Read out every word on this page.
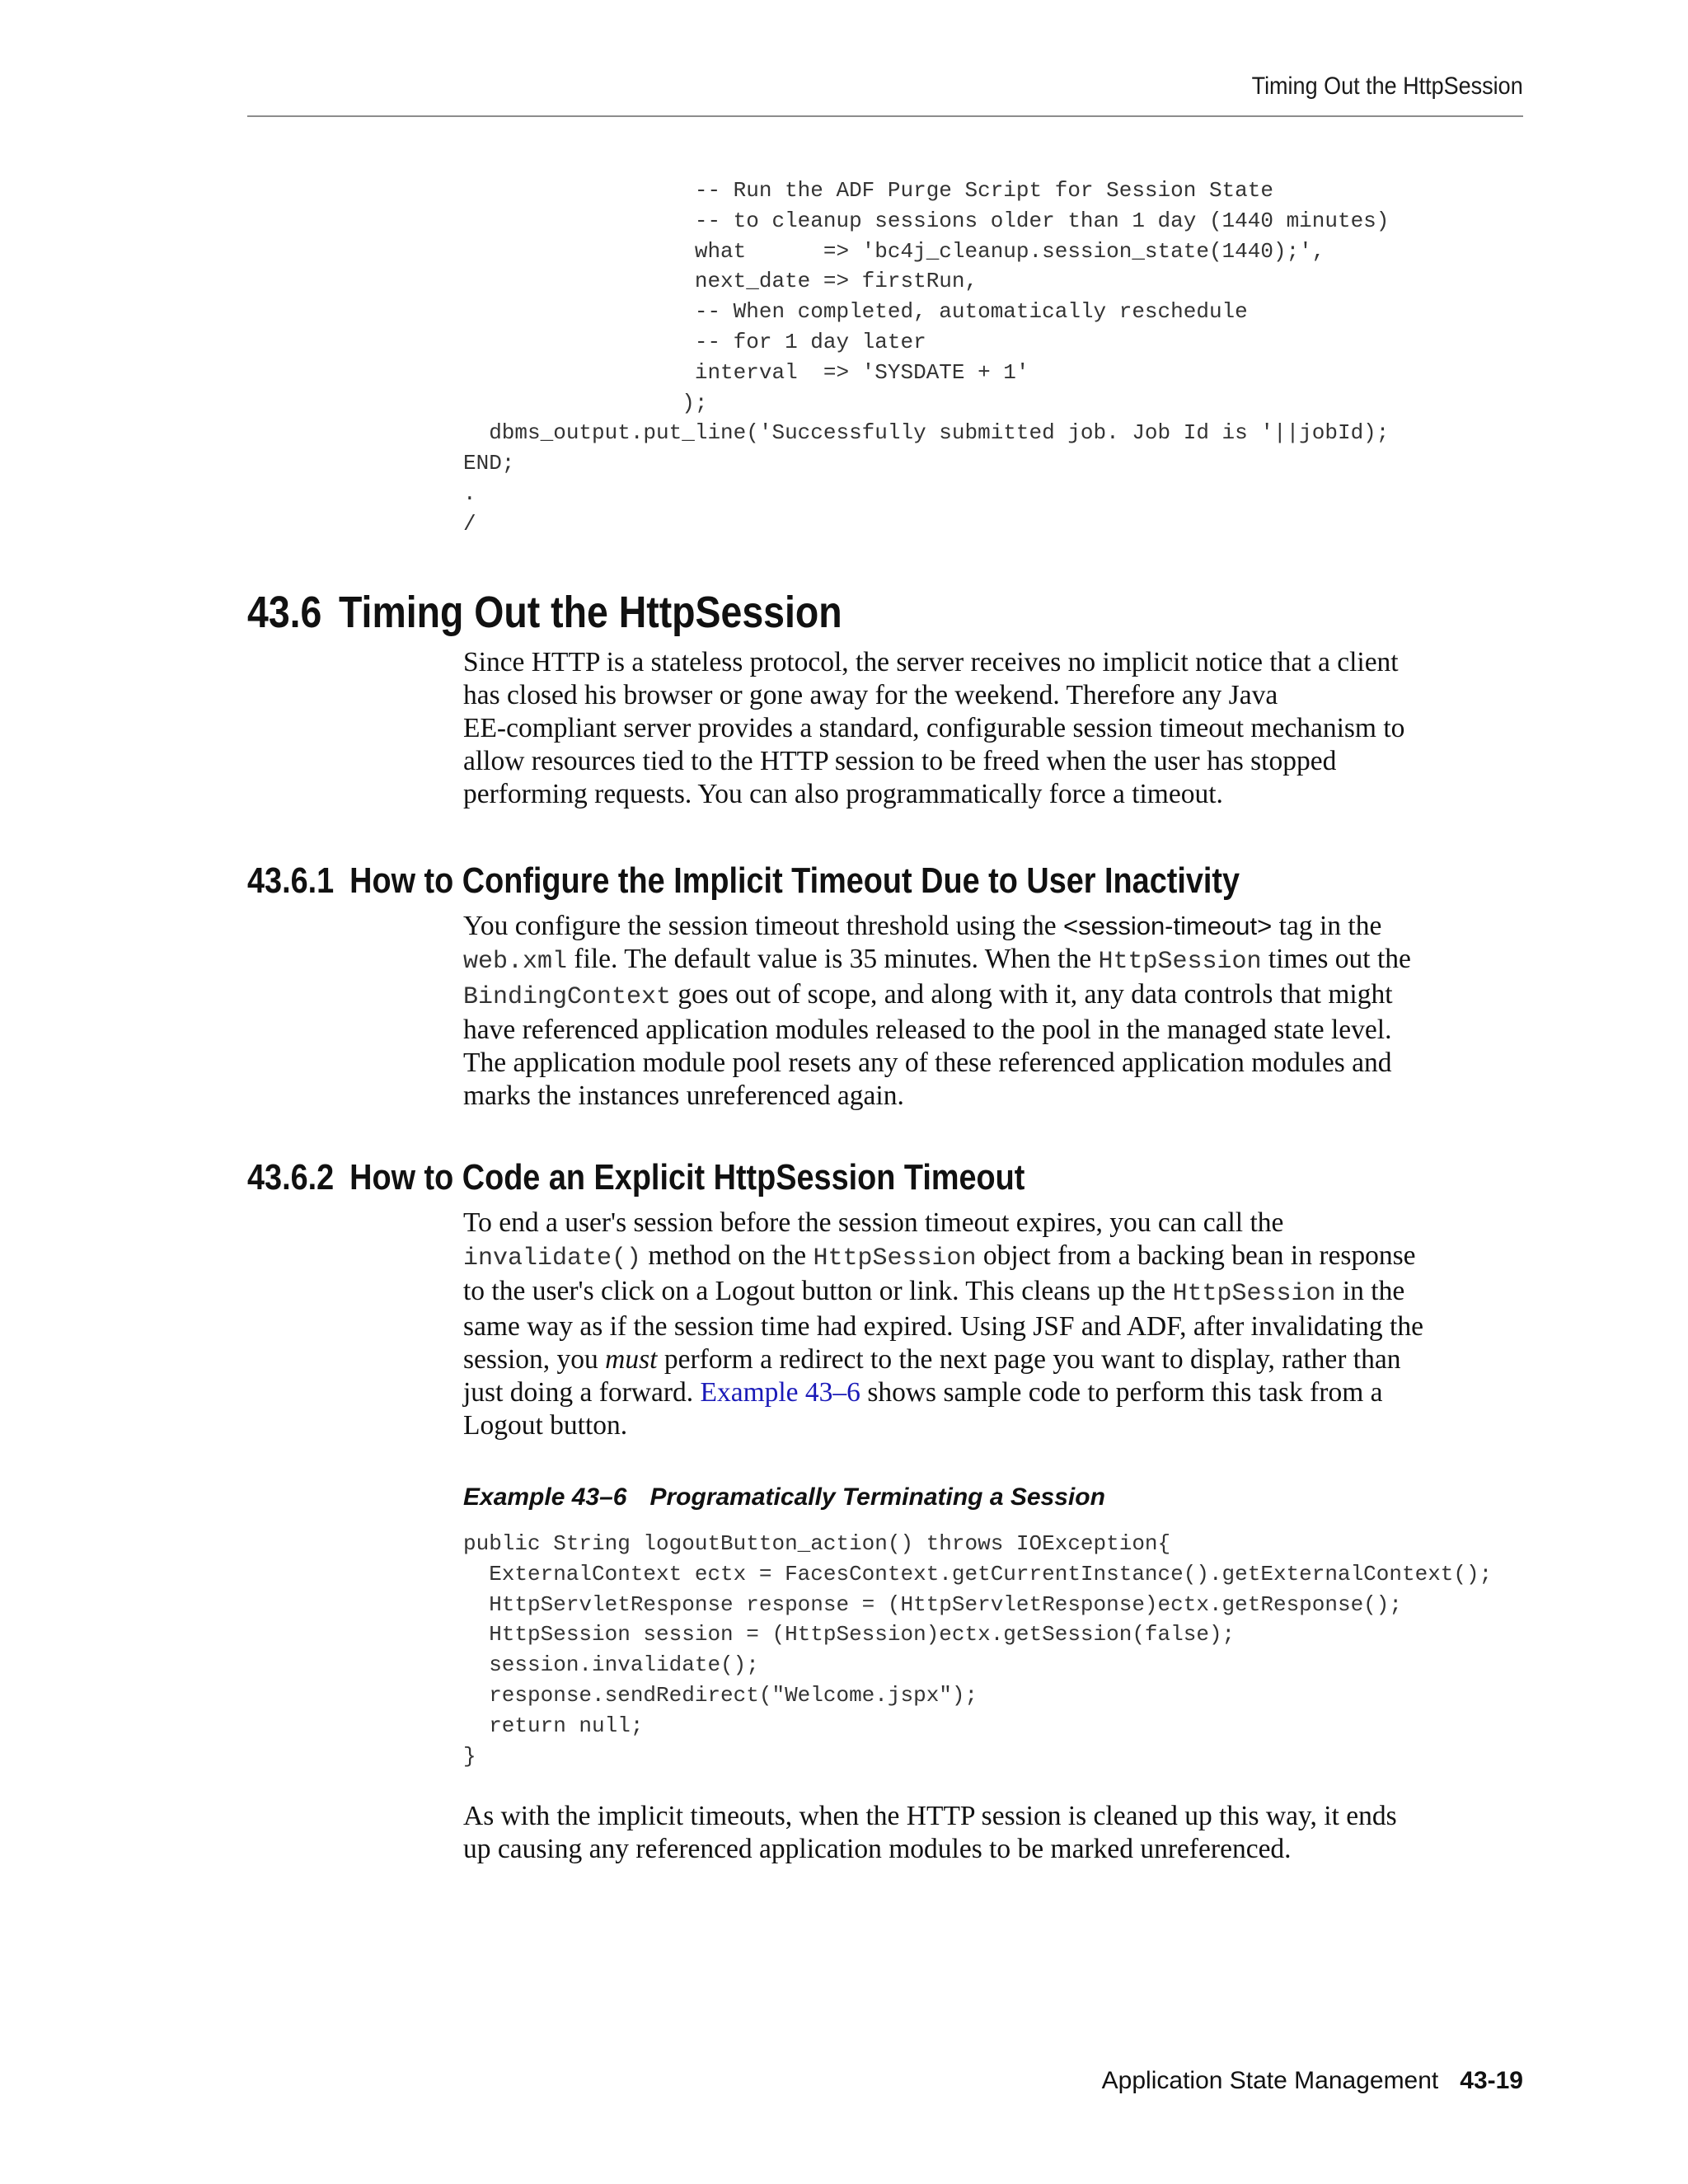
Timing Out the HttpSession
-- Run the ADF Purge Script for Session State
-- to cleanup sessions older than 1 day (1440 minutes)
what      => 'bc4j_cleanup.session_state(1440);',
next_date => firstRun,
-- When completed, automatically reschedule
-- for 1 day later
interval  => 'SYSDATE + 1'
);
dbms_output.put_line('Successfully submitted job. Job Id is '||jobId);
END;
.
/
43.6 Timing Out the HttpSession
Since HTTP is a stateless protocol, the server receives no implicit notice that a client
has closed his browser or gone away for the weekend. Therefore any Java
EE-compliant server provides a standard, configurable session timeout mechanism to
allow resources tied to the HTTP session to be freed when the user has stopped
performing requests. You can also programmatically force a timeout.
43.6.1 How to Configure the Implicit Timeout Due to User Inactivity
You configure the session timeout threshold using the <session-timeout> tag in the
web.xml file. The default value is 35 minutes. When the HttpSession times out the
BindingContext goes out of scope, and along with it, any data controls that might
have referenced application modules released to the pool in the managed state level.
The application module pool resets any of these referenced application modules and
marks the instances unreferenced again.
43.6.2 How to Code an Explicit HttpSession Timeout
To end a user's session before the session timeout expires, you can call the
invalidate() method on the HttpSession object from a backing bean in response
to the user's click on a Logout button or link. This cleans up the HttpSession in the
same way as if the session time had expired. Using JSF and ADF, after invalidating the
session, you must perform a redirect to the next page you want to display, rather than
just doing a forward. Example 43–6 shows sample code to perform this task from a
Logout button.
Example 43–6 Programatically Terminating a Session
public String logoutButton_action() throws IOException{
ExternalContext ectx = FacesContext.getCurrentInstance().getExternalContext();
HttpServletResponse response = (HttpServletResponse)ectx.getResponse();
HttpSession session = (HttpSession)ectx.getSession(false);
session.invalidate();
response.sendRedirect("Welcome.jspx");
return null;
}
As with the implicit timeouts, when the HTTP session is cleaned up this way, it ends
up causing any referenced application modules to be marked unreferenced.
Application State Management 43-19
